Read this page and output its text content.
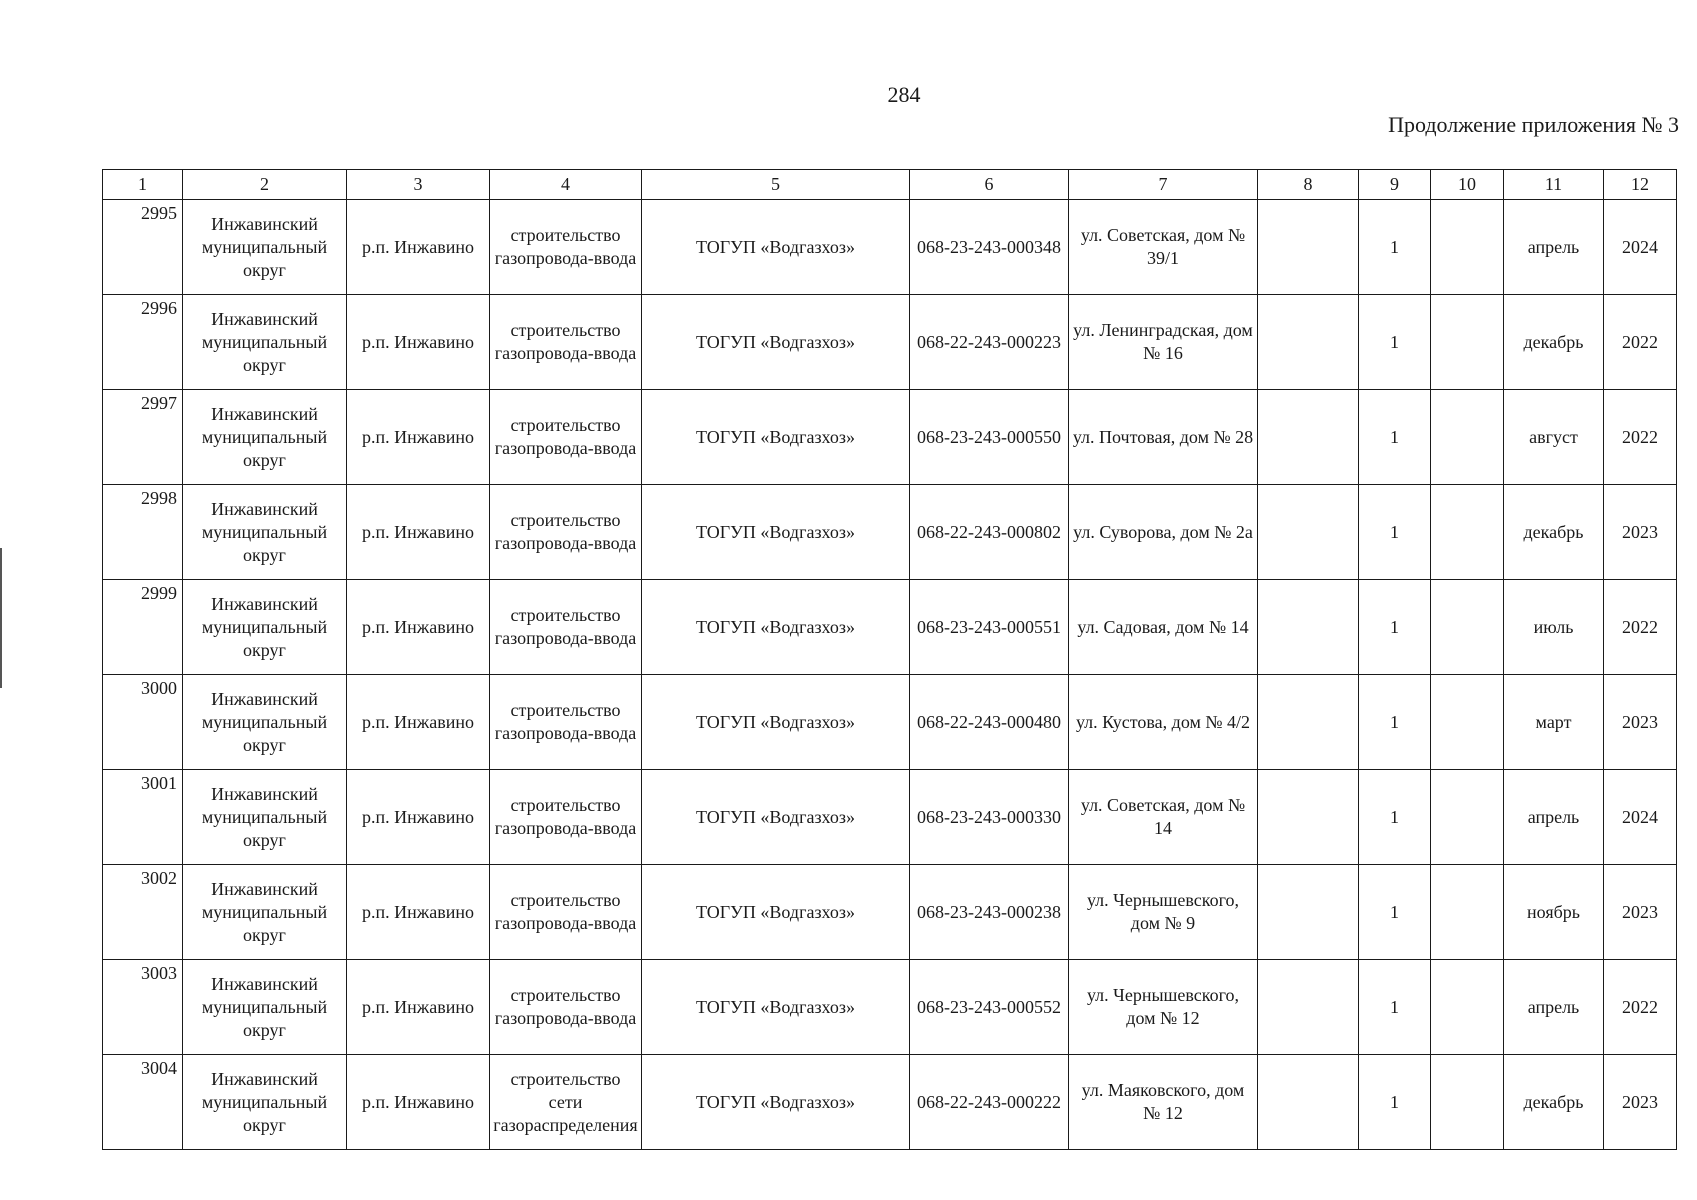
284
Продолжение приложения № 3
1	2	3	4	5	6	7	8	9	10	11	12
2995	Инжавинский муниципальный округ	р.п. Инжавино	строительство газопровода-ввода	ТОГУП «Водгазхоз»	068-23-243-000348	ул. Советская, дом № 39/1		1		апрель	2024
2996	Инжавинский муниципальный округ	р.п. Инжавино	строительство газопровода-ввода	ТОГУП «Водгазхоз»	068-22-243-000223	ул. Ленинградская, дом № 16		1		декабрь	2022
2997	Инжавинский муниципальный округ	р.п. Инжавино	строительство газопровода-ввода	ТОГУП «Водгазхоз»	068-23-243-000550	ул. Почтовая, дом № 28		1		август	2022
2998	Инжавинский муниципальный округ	р.п. Инжавино	строительство газопровода-ввода	ТОГУП «Водгазхоз»	068-22-243-000802	ул. Суворова, дом № 2а		1		декабрь	2023
2999	Инжавинский муниципальный округ	р.п. Инжавино	строительство газопровода-ввода	ТОГУП «Водгазхоз»	068-23-243-000551	ул. Садовая, дом № 14		1		июль	2022
3000	Инжавинский муниципальный округ	р.п. Инжавино	строительство газопровода-ввода	ТОГУП «Водгазхоз»	068-22-243-000480	ул. Кустова, дом № 4/2		1		март	2023
3001	Инжавинский муниципальный округ	р.п. Инжавино	строительство газопровода-ввода	ТОГУП «Водгазхоз»	068-23-243-000330	ул. Советская, дом № 14		1		апрель	2024
3002	Инжавинский муниципальный округ	р.п. Инжавино	строительство газопровода-ввода	ТОГУП «Водгазхоз»	068-23-243-000238	ул. Чернышевского, дом № 9		1		ноябрь	2023
3003	Инжавинский муниципальный округ	р.п. Инжавино	строительство газопровода-ввода	ТОГУП «Водгазхоз»	068-23-243-000552	ул. Чернышевского, дом № 12		1		апрель	2022
3004	Инжавинский муниципальный округ	р.п. Инжавино	строительство сети газораспределения	ТОГУП «Водгазхоз»	068-22-243-000222	ул. Маяковского, дом № 12		1		декабрь	2023
